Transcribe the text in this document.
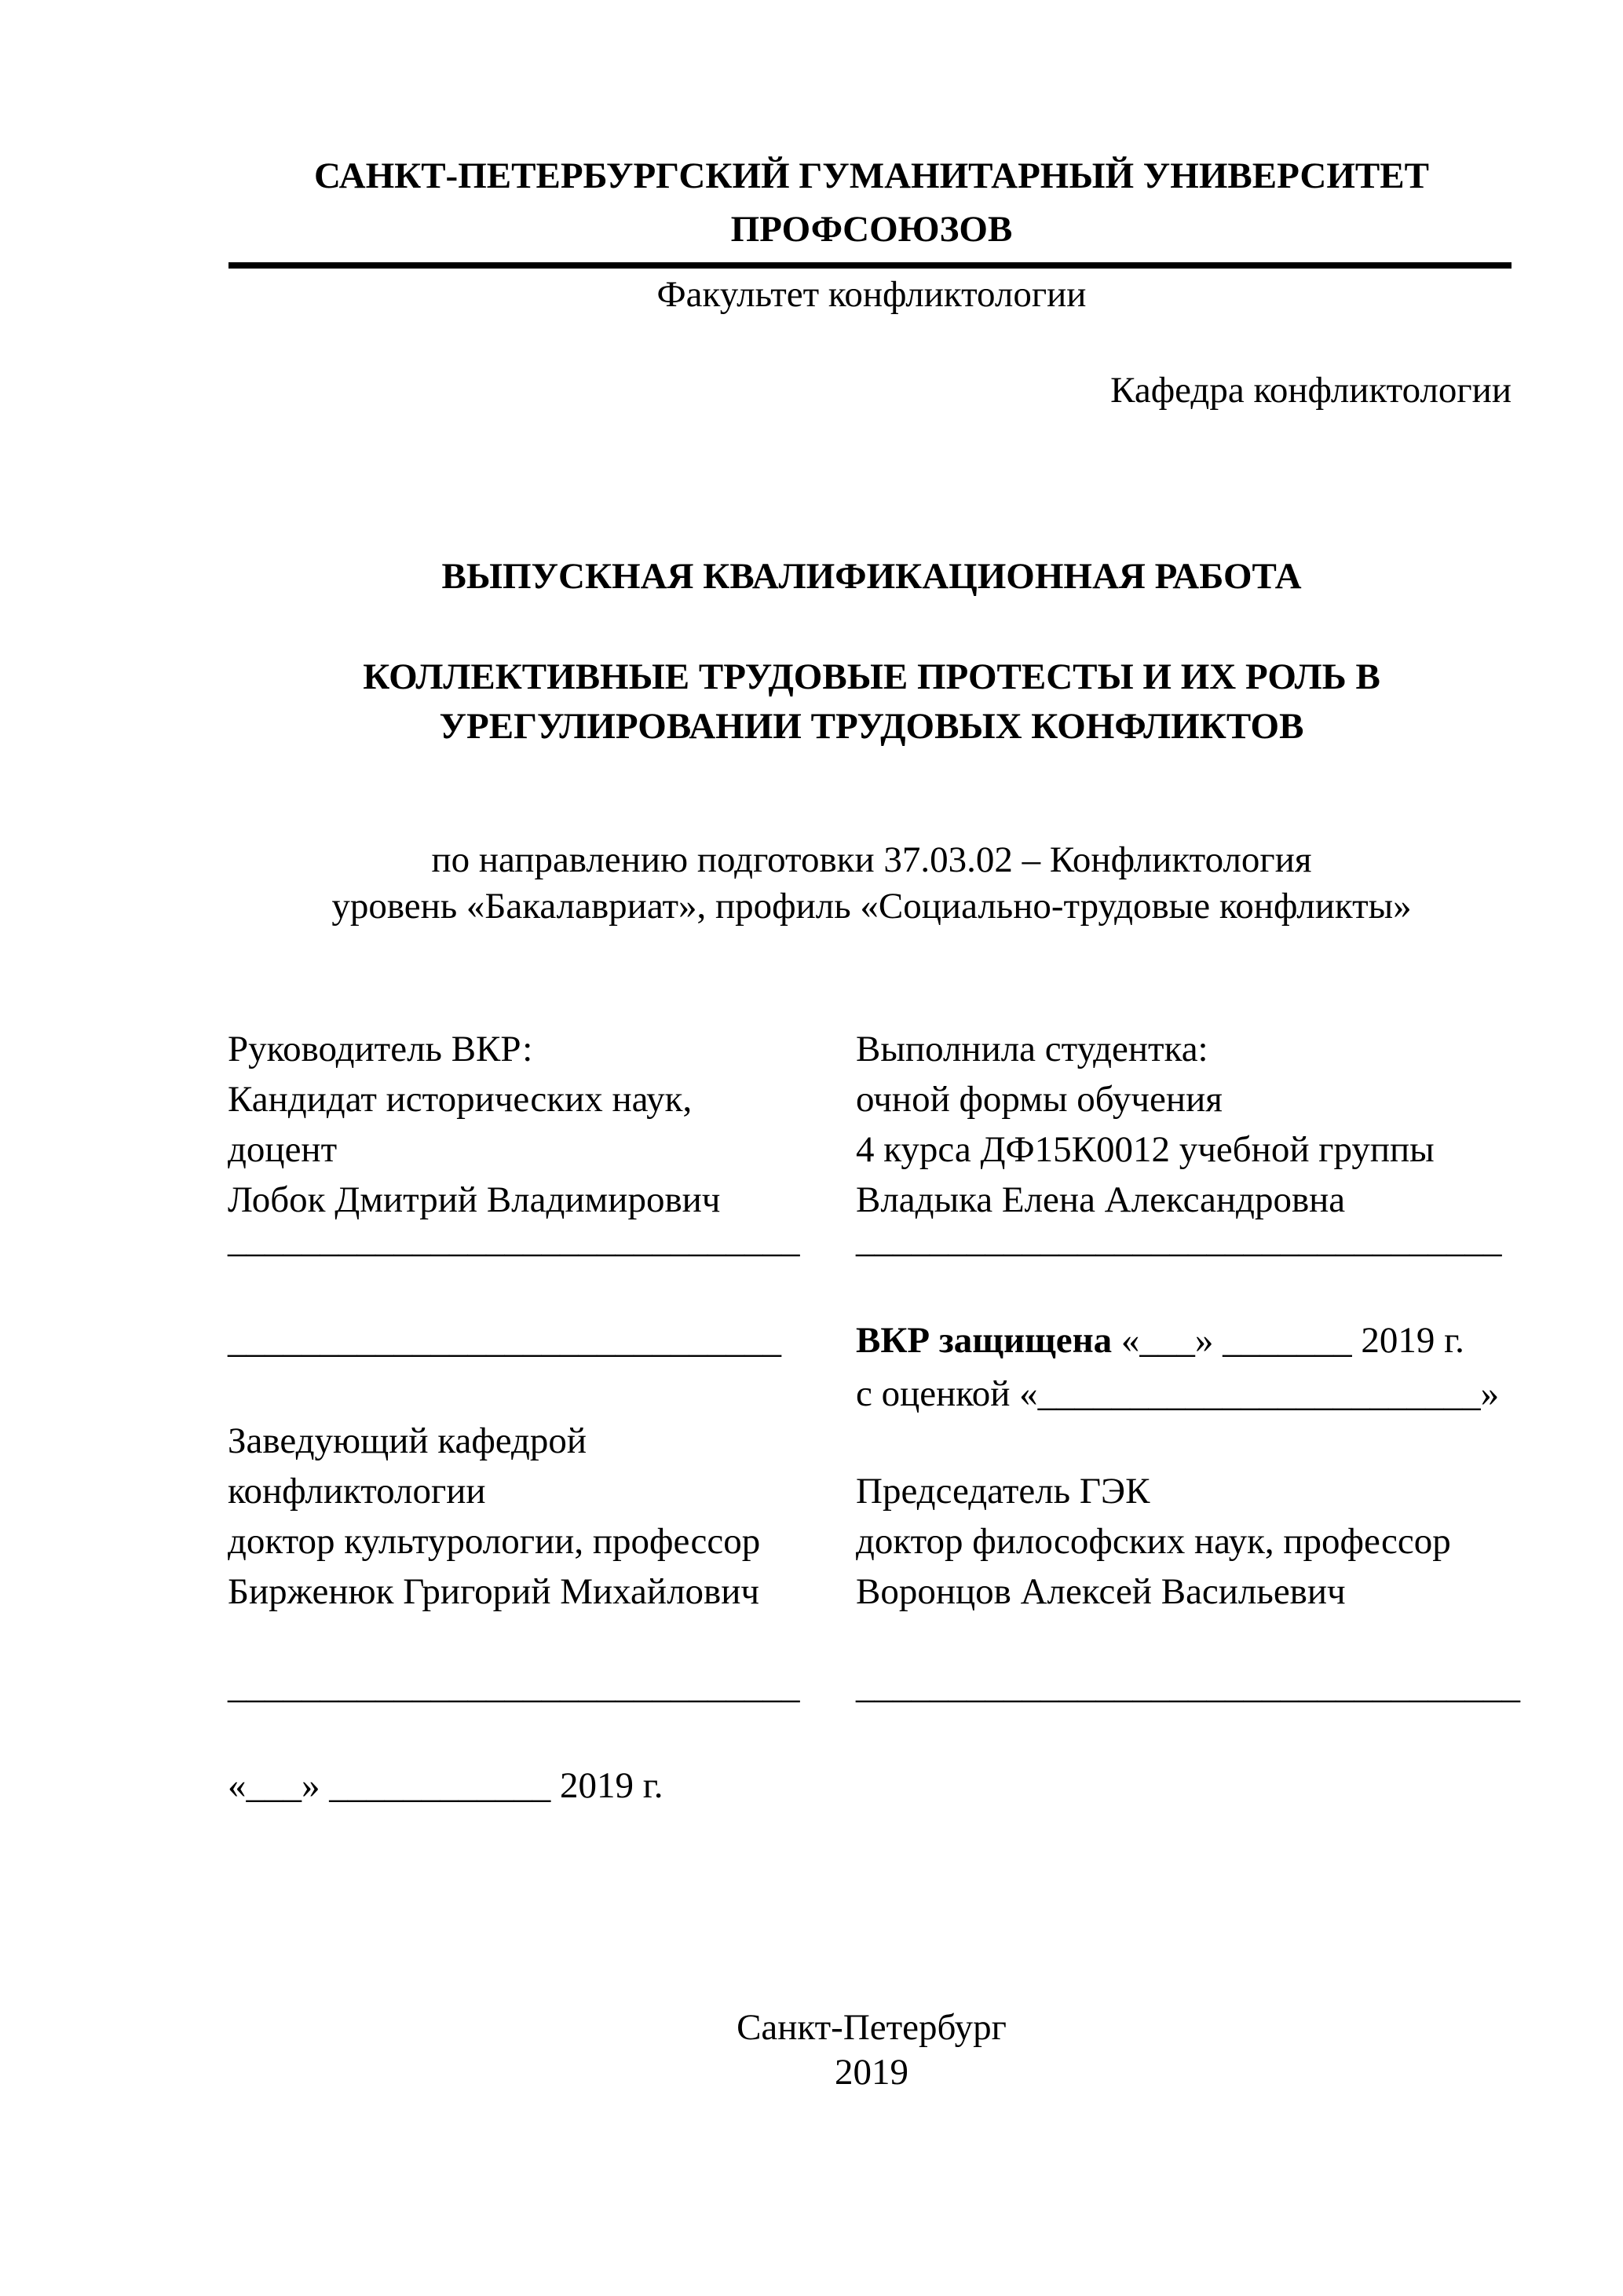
САНКТ-ПЕТЕРБУРГСКИЙ ГУМАНИТАРНЫЙ УНИВЕРСИТЕТ
ПРОФСОЮЗОВ
Факультет конфликтологии
Кафедра конфликтологии
ВЫПУСКНАЯ КВАЛИФИКАЦИОННАЯ РАБОТА
КОЛЛЕКТИВНЫЕ ТРУДОВЫЕ ПРОТЕСТЫ И ИХ РОЛЬ В
УРЕГУЛИРОВАНИИ ТРУДОВЫХ КОНФЛИКТОВ
по направлению подготовки 37.03.02 – Конфликтология
уровень «Бакалавриат», профиль «Социально-трудовые конфликты»
Руководитель ВКР:	Выполнила студентка:
Кандидат исторических наук,	очной формы обучения
доцент	4 курса ДФ15К0012 учебной группы
Лобок Дмитрий Владимирович	Владыка Елена Александровна
_______________________________ ___________________________________
______________________________ ВКР защищена «___» _______ 2019 г.
с оценкой «________________________»
Заведующий кафедрой
конфликтологии	Председатель ГЭК
доктор культурологии, профессор	доктор философских наук, профессор
Бирженюк Григорий Михайлович	Воронцов Алексей Васильевич
_______________________________ ____________________________________
«___» ____________ 2019 г.
Санкт-Петербург
2019
